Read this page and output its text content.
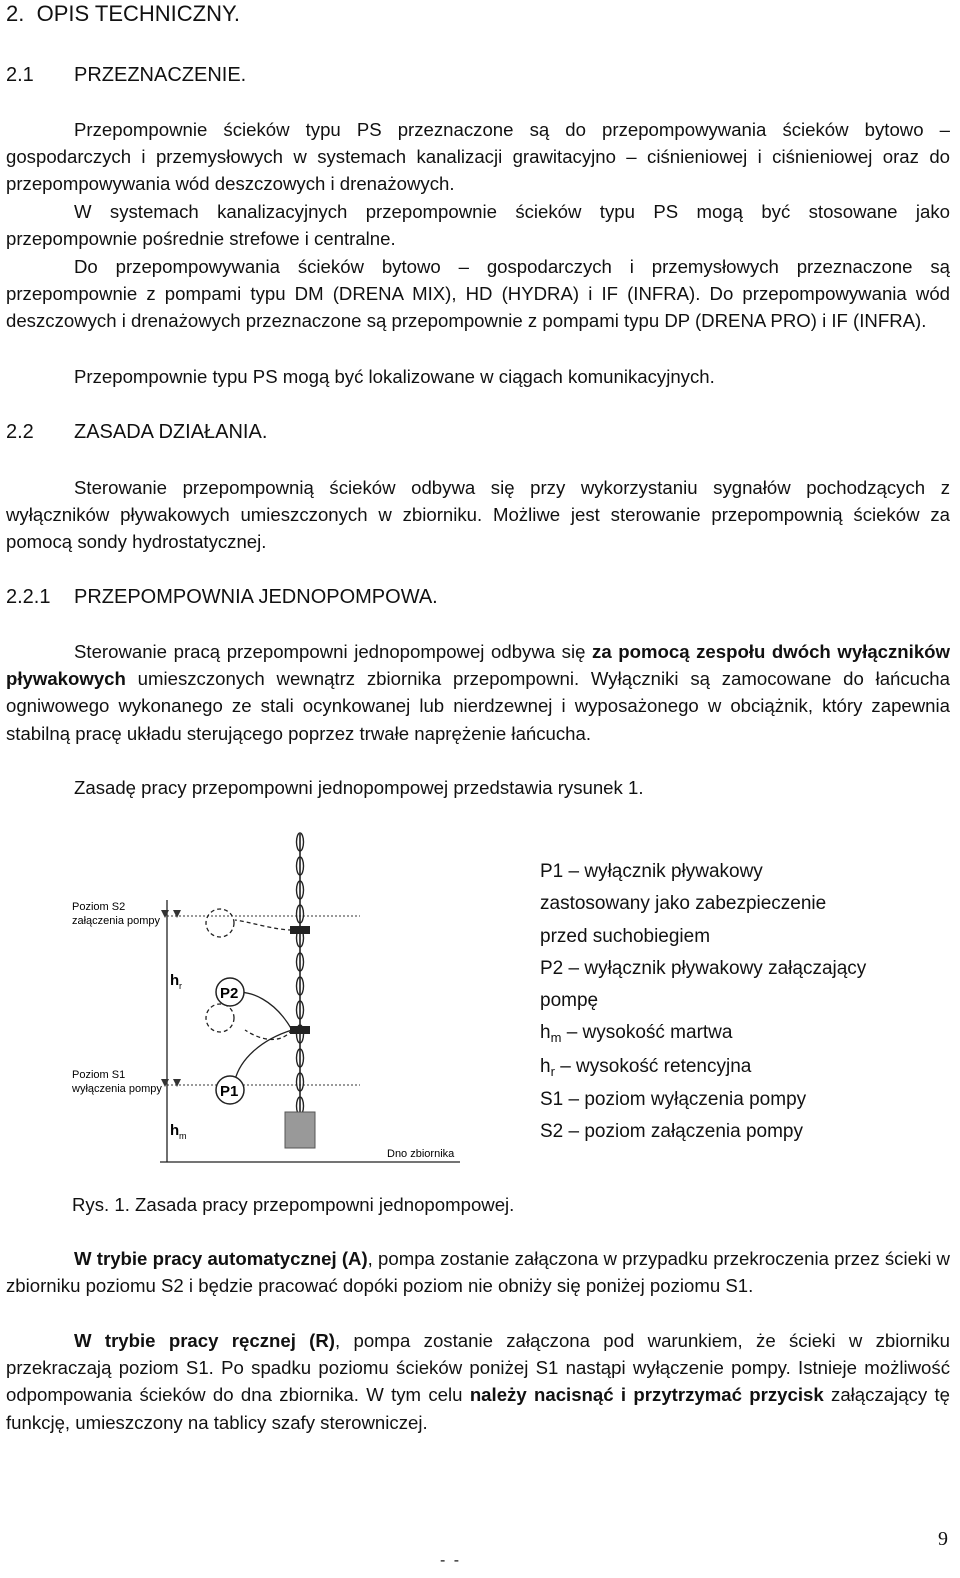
2. OPIS TECHNICZNY.
2.1 PRZEZNACZENIE.

Przepompownie ścieków typu PS przeznaczone są do przepompowywania ścieków bytowo – gospodarczych i przemysłowych w systemach kanalizacji grawitacyjno – ciśnieniowej i ciśnieniowej oraz do przepompowywania wód deszczowych i drenażowych.

W systemach kanalizacyjnych przepompownie ścieków typu PS mogą być stosowane jako przepompownie pośrednie strefowe i centralne.

Do przepompowywania ścieków bytowo – gospodarczych i przemysłowych przeznaczone są przepompownie z pompami typu DM (DRENA MIX), HD (HYDRA) i IF (INFRA). Do przepompowywania wód deszczowych i drenażowych przeznaczone są przepompownie z pompami typu DP (DRENA PRO) i IF (INFRA).

Przepompownie typu PS mogą być lokalizowane w ciągach komunikacyjnych.

2.2 ZASADA DZIAŁANIA.

Sterowanie przepompownią ścieków odbywa się przy wykorzystaniu sygnałów pochodzących z wyłączników pływakowych umieszczonych w zbiorniku. Możliwe jest sterowanie przepompownią ścieków za pomocą sondy hydrostatycznej.

2.2.1 PRZEPOMPOWNIA JEDNOPOMPOWA.

Sterowanie pracą przepompowni jednopompowej odbywa się za pomocą zespołu dwóch wyłączników pływakowych umieszczonych wewnątrz zbiornika przepompowni. Wyłączniki są zamocowane do łańcucha ogniwowego wykonanego ze stali ocynkowanej lub nierdzewnej i wyposażonego w obciążnik, który zapewnia stabilną pracę układu sterującego poprzez trwałe naprężenie łańcucha.

Zasadę pracy przepompowni jednopompowej przedstawia rysunek 1.

P2
P1
Poziom S2
załączenia pompy
Poziom S1
wyłączenia pompy
h r
h m
Dno zbiornika
P1 – wyłącznik pływakowy
zastosowany jako zabezpieczenie
przed suchobiegiem
P2 – wyłącznik pływakowy załączający
pompę
$h_m$ – wysokość martwa
$h_r$ – wysokość retencyjna
S1 – poziom wyłączenia pompy
S2 – poziom załączenia pompy
Rys. 1. Zasada pracy przepompowni jednopompowej.

W trybie pracy automatycznej (A), pompa zostanie załączona w przypadku przekroczenia przez ścieki w zbiorniku poziomu S2 i będzie pracować dopóki poziom nie obniży się poniżej poziomu S1.

W trybie pracy ręcznej (R), pompa zostanie załączona pod warunkiem, że ścieki w zbiorniku przekraczają poziom S1. Po spadku poziomu ścieków poniżej S1 nastąpi wyłączenie pompy. Istnieje możliwość odpompowania ścieków do dna zbiornika. W tym celu należy nacisnąć i przytrzymać przycisk załączający tę funkcję, umieszczony na tablicy szafy sterowniczej.

9
- -
